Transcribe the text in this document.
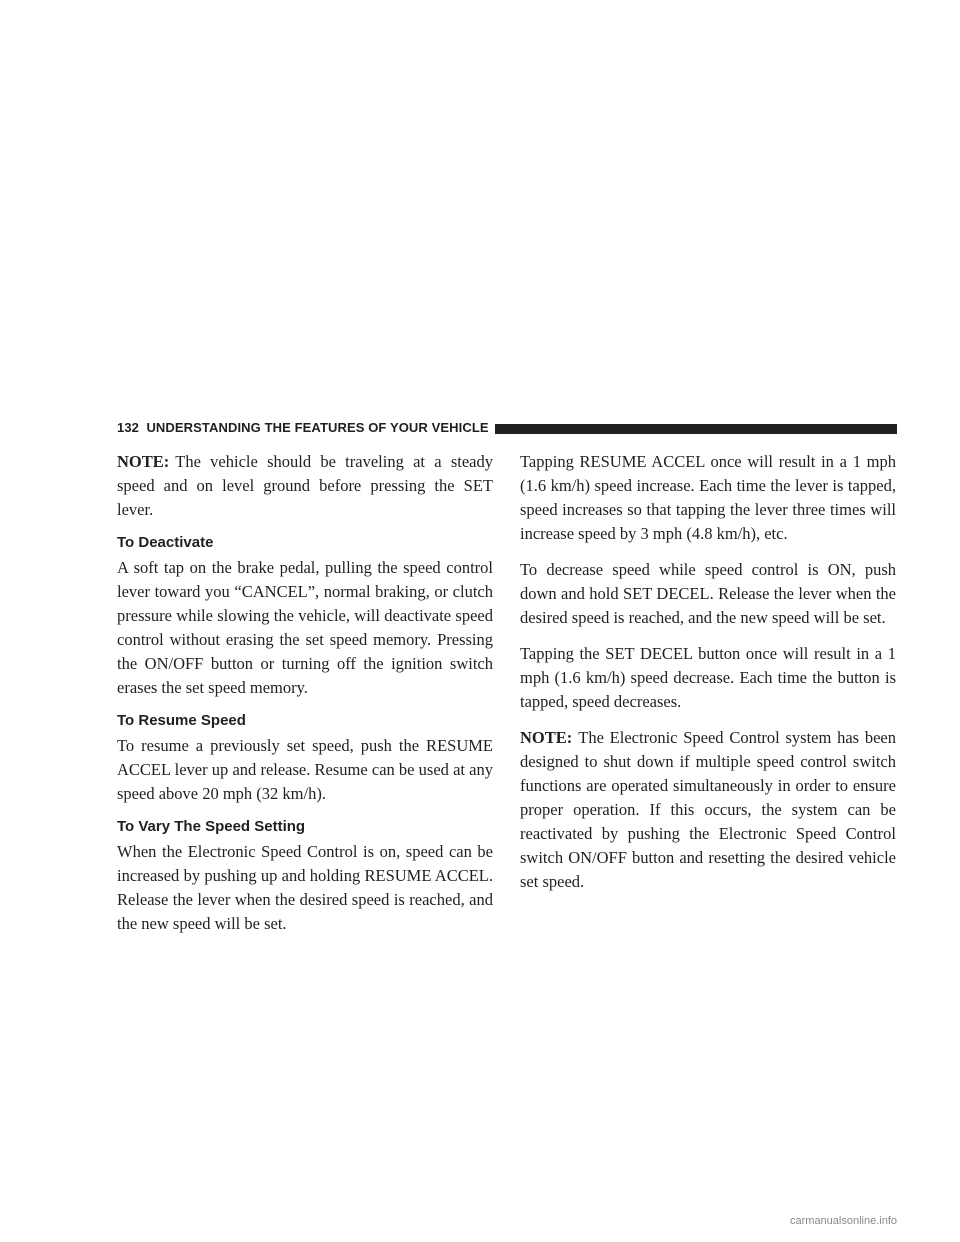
132 UNDERSTANDING THE FEATURES OF YOUR VEHICLE

NOTE: The vehicle should be traveling at a steady speed and on level ground before pressing the SET lever.

To Deactivate

A soft tap on the brake pedal, pulling the speed control lever toward you “CANCEL”, normal braking, or clutch pressure while slowing the vehicle, will deactivate speed control without erasing the set speed memory. Pressing the ON/OFF button or turning off the ignition switch erases the set speed memory.

To Resume Speed

To resume a previously set speed, push the RESUME ACCEL lever up and release. Resume can be used at any speed above 20 mph (32 km/h).

To Vary The Speed Setting

When the Electronic Speed Control is on, speed can be increased by pushing up and holding RESUME ACCEL. Release the lever when the desired speed is reached, and the new speed will be set.

Tapping RESUME ACCEL once will result in a 1 mph (1.6 km/h) speed increase. Each time the lever is tapped, speed increases so that tapping the lever three times will increase speed by 3 mph (4.8 km/h), etc.

To decrease speed while speed control is ON, push down and hold SET DECEL. Release the lever when the desired speed is reached, and the new speed will be set.

Tapping the SET DECEL button once will result in a 1 mph (1.6 km/h) speed decrease. Each time the button is tapped, speed decreases.

NOTE: The Electronic Speed Control system has been designed to shut down if multiple speed control switch functions are operated simultaneously in order to ensure proper operation. If this occurs, the system can be reactivated by pushing the Electronic Speed Control switch ON/OFF button and resetting the desired vehicle set speed.

carmanualsonline.info
